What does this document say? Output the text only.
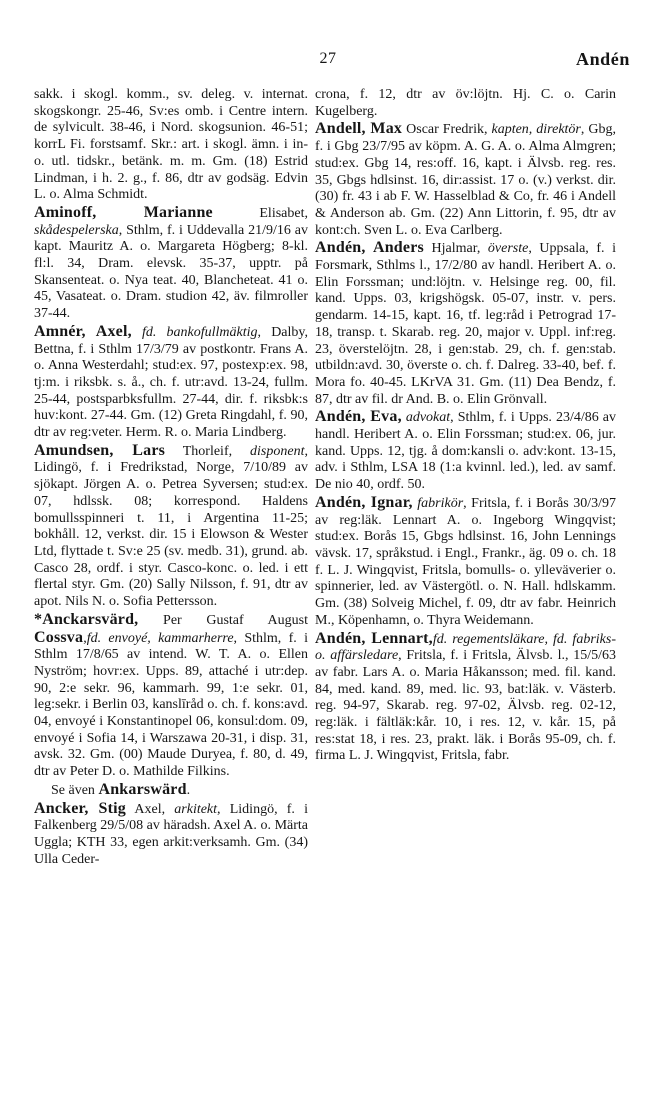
27	Andén

sakk. i skogl. komm., sv. deleg. v. internat. skogskongr. 25-46, Sv:es omb. i Centre intern. de sylvicult. 38-46, i Nord. skogsunion. 46-51; korrL Fi. forstsamf. Skr.: art. i skogl. ämn. i in- o. utl. tidskr., betänk. m. m. Gm. (18) Estrid Lindman, i h. 2. g., f. 86, dtr av godsäg. Edvin L. o. Alma Schmidt.

Aminoff, Marianne Elisabet, skådespelerska, Sthlm, f. i Uddevalla 21/9/16 av kapt. Mauritz A. o. Margareta Högberg; 8-kl. fl:l. 34, Dram. elevsk. 35-37, upptr. på Skansenteat. o. Nya teat. 40, Blancheteat. 41 o. 45, Vasateat. o. Dram. studion 42, äv. filmroller 37-44.

Amnér, Axel, fd. bankofullmäktig, Dalby, Bettna, f. i Sthlm 17/3/79 av postkontr. Frans A. o. Anna Westerdahl; stud:ex. 97, postexp:ex. 98, tj:m. i riksbk. s. å., ch. f. utr:avd. 13-24, fullm. 25-44, postsparbksfullm. 27-44, dir. f. riksbk:s huv:kont. 27-44. Gm. (12) Greta Ringdahl, f. 90, dtr av reg:veter. Herm. R. o. Maria Lindberg.

Amundsen, Lars Thorleif, disponent, Lidingö, f. i Fredrikstad, Norge, 7/10/89 av sjökapt. Jörgen A. o. Petrea Syversen; stud:ex. 07, hdlssk. 08; korrespond. Haldens bomullsspinneri t. 11, i Argentina 11-25; bokhåll. 12, verkst. dir. 15 i Elowson & Wester Ltd, flyttade t. Sv:e 25 (sv. medb. 31), grund. ab. Casco 28, ordf. i styr. Casco-konc. o. led. i ett flertal styr. Gm. (20) Sally Nilsson, f. 91, dtr av apot. Nils N. o. Sofia Pettersson.

*Anckarsvärd, Per Gustaf August Cossva,fd. envoyé, kammarherre, Sthlm, f. i Sthlm 17/8/65 av intend. W. T. A. o. Ellen Nyström; hovr:ex. Upps. 89, attaché i utr:dep. 90, 2:e sekr. 96, kammarh. 99, 1:e sekr. 01, leg:sekr. i Berlin 03, kanslīråd o. ch. f. kons:avd. 04, envoyé i Konstantinopel 06, konsul:dom. 09, envoyé i Sofia 14, i Warszawa 20-31, i disp. 31, avsk. 32. Gm. (00) Maude Duryea, f. 80, d. 49, dtr av Peter D. o. Mathilde Filkins.

Se även Ankarswärd.

Ancker, Stig Axel, arkitekt, Lidingö, f. i Falkenberg 29/5/08 av häradsh. Axel A. o. Märta Uggla; KTH 33, egen arkit:verksamh. Gm. (34) Ulla Ceder-

crona, f. 12, dtr av öv:löjtn. Hj. C. o. Carin Kugelberg.

Andell, Max Oscar Fredrik, kapten, direktör, Gbg, f. i Gbg 23/7/95 av köpm. A. G. A. o. Alma Almgren; stud:ex. Gbg 14, res:off. 16, kapt. i Älvsb. reg. res. 35, Gbgs hdlsinst. 16, dir:assist. 17 o. (v.) verkst. dir. (30) fr. 43 i ab F. W. Hasselblad & Co, fr. 46 i Andell & Anderson ab. Gm. (22) Ann Littorin, f. 95, dtr av kont:ch. Sven L. o. Eva Carlberg.

Andén, Anders Hjalmar, överste, Uppsala, f. i Forsmark, Sthlms l., 17/2/80 av handl. Heribert A. o. Elin Forssman; und:löjtn. v. Helsinge reg. 00, fil. kand. Upps. 03, krigshögsk. 05-07, instr. v. pers. gendarm. 14-15, kapt. 16, tf. leg:råd i Petrograd 17-18, transp. t. Skarab. reg. 20, major v. Uppl. inf:reg. 23, överstelöjtn. 28, i gen:stab. 29, ch. f. gen:stab. utbildn:avd. 30, överste o. ch. f. Dalreg. 33-40, bef. f. Mora fo. 40-45. LKrVA 31. Gm. (11) Dea Bendz, f. 87, dtr av fil. dr And. B. o. Elin Grönvall.

Andén, Eva, advokat, Sthlm, f. i Upps. 23/4/86 av handl. Heribert A. o. Elin Forssman; stud:ex. 06, jur. kand. Upps. 12, tjg. å dom:kansli o. adv:kont. 13-15, adv. i Sthlm, LSA 18 (1:a kvinnl. led.), led. av samf. De nio 40, ordf. 50.

Andén, Ignar, fabrikör, Fritsla, f. i Borås 30/3/97 av reg:läk. Lennart A. o. Ingeborg Wingqvist; stud:ex. Borås 15, Gbgs hdlsinst. 16, John Lennings vävsk. 17, språkstud. i Engl., Frankr., äg. 09 o. ch. 18 f. L. J. Wingqvist, Fritsla, bomulls- o. ylleväverier o. spinnerier, led. av Västergötl. o. N. Hall. hdlskamm. Gm. (38) Solveig Michel, f. 09, dtr av fabr. Heinrich M., Köpenhamn, o. Thyra Weidemann.

Andén, Lennart,fd. regementsläkare, fd. fabriks- o. affärsledare, Fritsla, f. i Fritsla, Älvsb. l., 15/5/63 av fabr. Lars A. o. Maria Håkansson; med. fil. kand. 84, med. kand. 89, med. lic. 93, bat:läk. v. Västerb. reg. 94-97, Skarab. reg. 97-02, Älvsb. reg. 02-12, reg:läk. i fältläk:kår. 10, i res. 12, v. kår. 15, på res:stat 18, i res. 23, prakt. läk. i Borås 95-09, ch. f. firma L. J. Wingqvist, Fritsla, fabr.
